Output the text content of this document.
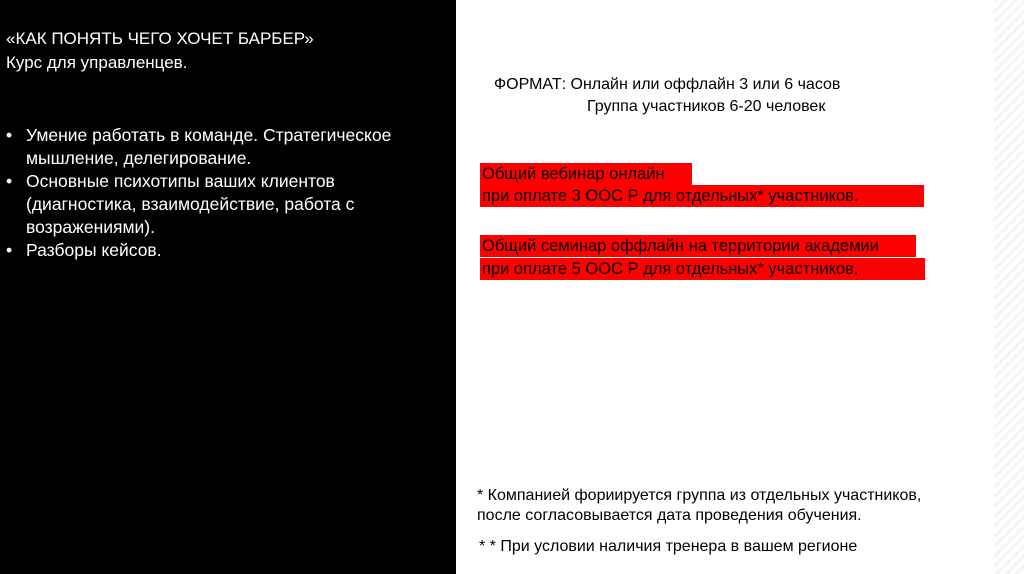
«КАК ПОНЯТЬ ЧЕГО ХОЧЕТ БАРБЕР»
Курс для управленцев.
• Умение работать в команде. Стратегическое
мышление, делегирование.
• Основные психотипы ваших клиентов
(диагностика, взаимодействие, работа с
возражениями).
• Разборы кейсов.
ФОРМАТ: Онлайн или оффлайн 3 или 6 часов
Группа участников 6-20 человек
Общий вебинар онлайн
при оплате 3 ООС Р для отдельных* участников.
Общий семинар оффлайн на территории академии
при оплате 5 ООС Р для отдельных* участников.
* Компанией фориируется группа из отдельных участников,
после согласовывается дата проведения обучения.
* * При условии наличия тренера в вашем регионе
